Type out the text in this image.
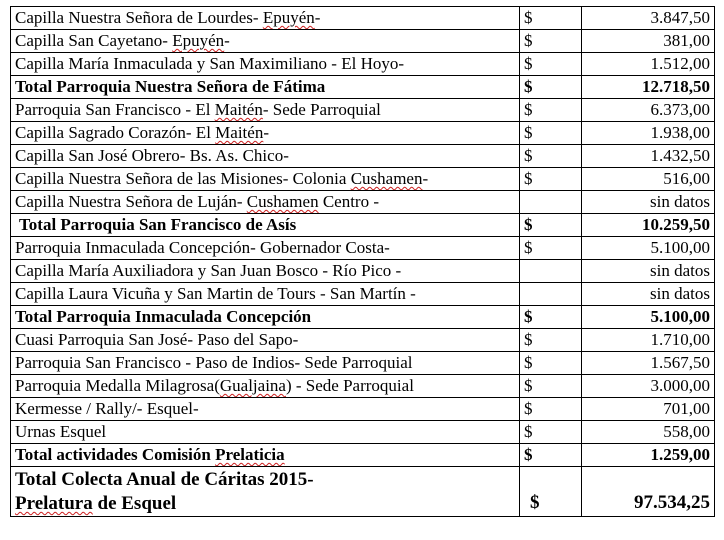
Capilla Nuestra Señora de Lourdes- Epuyén-	$	3.847,50
Capilla San Cayetano- Epuyén-	$	381,00
Capilla María Inmaculada y San Maximiliano - El Hoyo-	$	1.512,00
Total Parroquia Nuestra Señora de Fátima	$	12.718,50
Parroquia San Francisco - El Maitén- Sede Parroquial	$	6.373,00
Capilla Sagrado Corazón- El Maitén-	$	1.938,00
Capilla San José Obrero- Bs. As. Chico-	$	1.432,50
Capilla Nuestra Señora de las Misiones- Colonia Cushamen-	$	516,00
Capilla Nuestra Señora de Luján- Cushamen Centro -		sin datos
Total Parroquia San Francisco de Asís	$	10.259,50
Parroquia Inmaculada Concepción- Gobernador Costa-	$	5.100,00
Capilla María Auxiliadora y San Juan Bosco - Río Pico -		sin datos
Capilla Laura Vicuña y San Martin de Tours - San Martín -		sin datos
Total Parroquia Inmaculada Concepción	$	5.100,00
Cuasi Parroquia San José- Paso del Sapo-	$	1.710,00
Parroquia San Francisco - Paso de Indios- Sede Parroquial	$	1.567,50
Parroquia Medalla Milagrosa(Gualjaina) - Sede Parroquial	$	3.000,00
Kermesse / Rally/- Esquel-	$	701,00
Urnas Esquel	$	558,00
Total actividades Comisión Prelaticia	$	1.259,00

Total Colecta Anual de Cáritas 2015-
Prelatura de Esquel	$	97.534,25
